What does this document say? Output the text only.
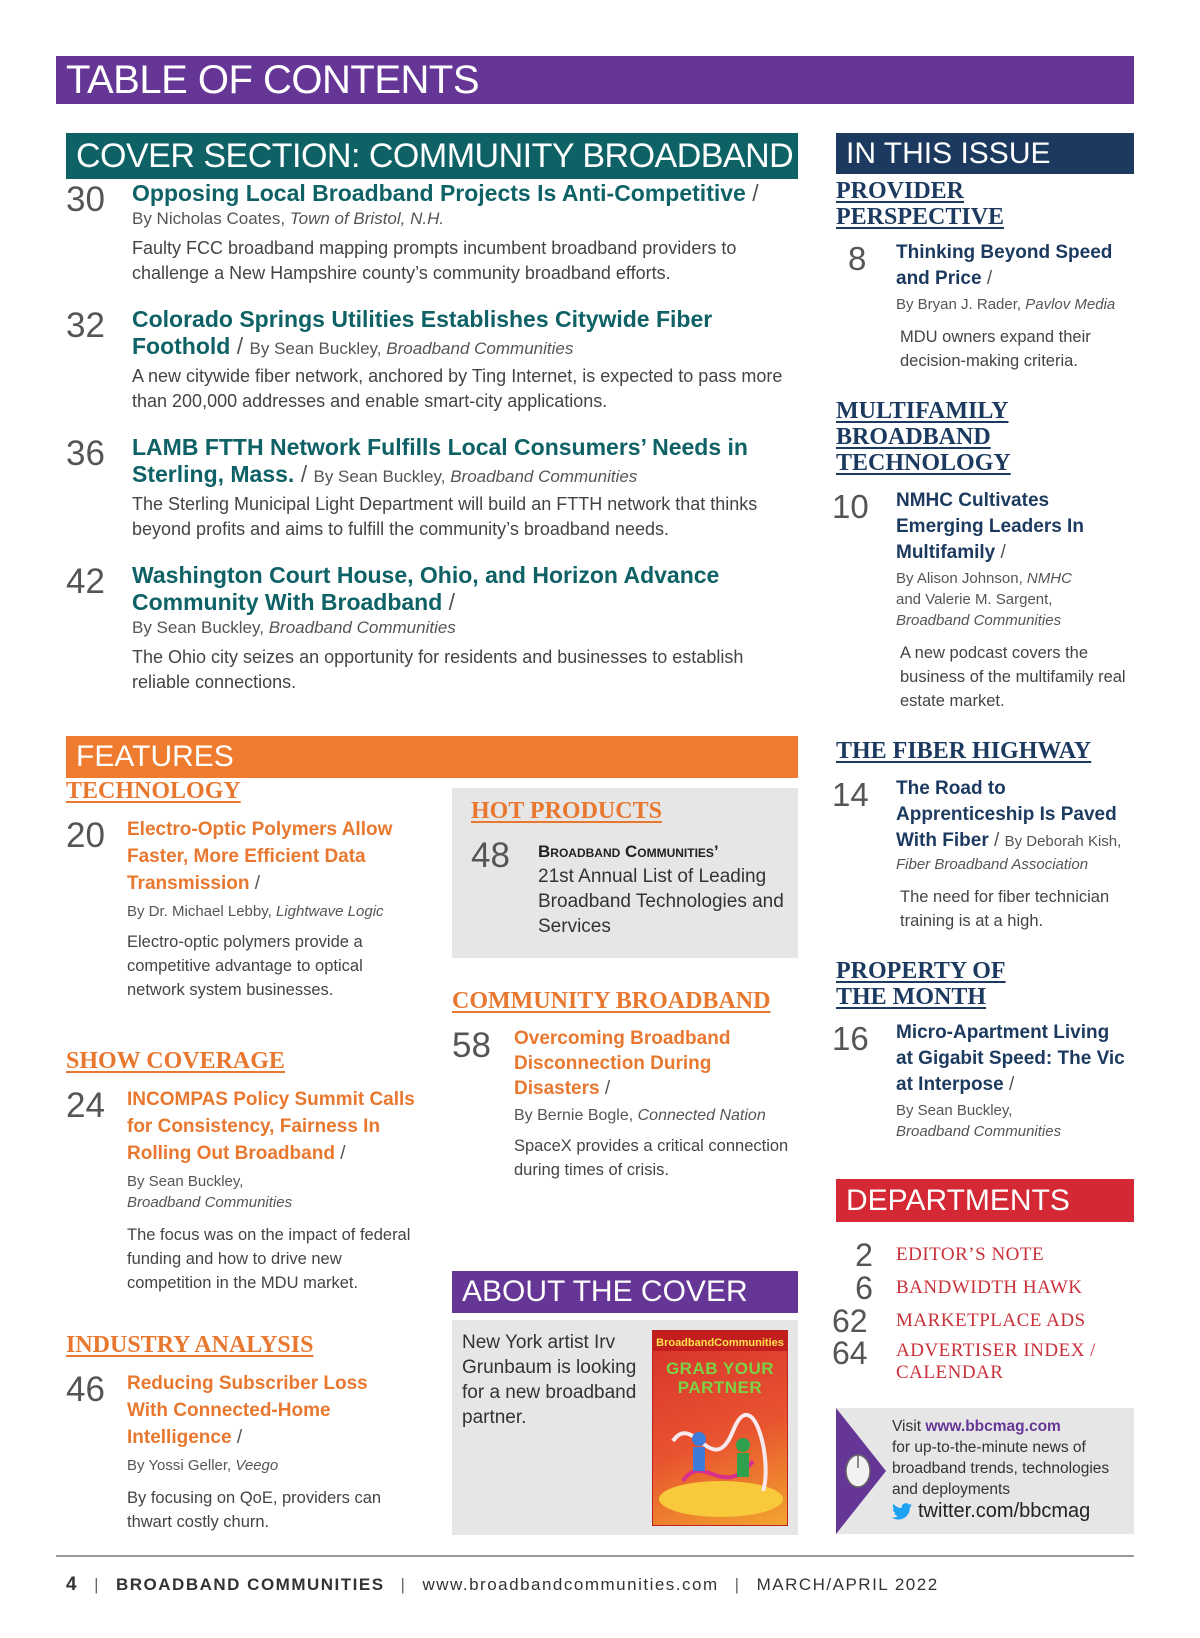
TABLE OF CONTENTS
COVER SECTION: COMMUNITY BROADBAND
30 Opposing Local Broadband Projects Is Anti-Competitive /
By Nicholas Coates, Town of Bristol, N.H.
Faulty FCC broadband mapping prompts incumbent broadband providers to challenge a New Hampshire county’s community broadband efforts.
32 Colorado Springs Utilities Establishes Citywide Fiber Foothold / By Sean Buckley, Broadband Communities
A new citywide fiber network, anchored by Ting Internet, is expected to pass more than 200,000 addresses and enable smart-city applications.
36 LAMB FTTH Network Fulfills Local Consumers’ Needs in Sterling, Mass. / By Sean Buckley, Broadband Communities
The Sterling Municipal Light Department will build an FTTH network that thinks beyond profits and aims to fulfill the community’s broadband needs.
42 Washington Court House, Ohio, and Horizon Advance Community With Broadband /
By Sean Buckley, Broadband Communities
The Ohio city seizes an opportunity for residents and businesses to establish reliable connections.
FEATURES
TECHNOLOGY
20 Electro-Optic Polymers Allow Faster, More Efficient Data Transmission /
By Dr. Michael Lebby, Lightwave Logic
Electro-optic polymers provide a competitive advantage to optical network system businesses.
SHOW COVERAGE
24 INCOMPAS Policy Summit Calls for Consistency, Fairness In Rolling Out Broadband /
By Sean Buckley,
Broadband Communities
The focus was on the impact of federal funding and how to drive new competition in the MDU market.
INDUSTRY ANALYSIS
46 Reducing Subscriber Loss With Connected-Home Intelligence /
By Yossi Geller, Veego
By focusing on QoE, providers can thwart costly churn.
HOT PRODUCTS
48 Broadband Communities’
21st Annual List of Leading Broadband Technologies and Services
COMMUNITY BROADBAND
58 Overcoming Broadband Disconnection During Disasters /
By Bernie Bogle, Connected Nation
SpaceX provides a critical connection during times of crisis.
ABOUT THE COVER
New York artist Irv Grunbaum is looking for a new broadband partner.
BroadbandCommunities
GRAB YOUR PARTNER
IN THIS ISSUE
PROVIDER PERSPECTIVE
8 Thinking Beyond Speed and Price /
By Bryan J. Rader, Pavlov Media
MDU owners expand their decision-making criteria.
MULTIFAMILY BROADBAND TECHNOLOGY
10 NMHC Cultivates Emerging Leaders In Multifamily /
By Alison Johnson, NMHC
and Valerie M. Sargent,
Broadband Communities
A new podcast covers the business of the multifamily real estate market.
THE FIBER HIGHWAY
14 The Road to Apprenticeship Is Paved With Fiber / By Deborah Kish,
Fiber Broadband Association
The need for fiber technician training is at a high.
PROPERTY OF THE MONTH
16 Micro-Apartment Living at Gigabit Speed: The Vic at Interpose /
By Sean Buckley,
Broadband Communities
DEPARTMENTS
2	EDITOR’S NOTE
6	BANDWIDTH HAWK
62	MARKETPLACE ADS
64	ADVERTISER INDEX / CALENDAR
Visit www.bbcmag.com
for up-to-the-minute news of broadband trends, technologies and deployments
twitter.com/bbcmag
4 | BROADBAND COMMUNITIES | www.broadbandcommunities.com | MARCH/APRIL 2022
